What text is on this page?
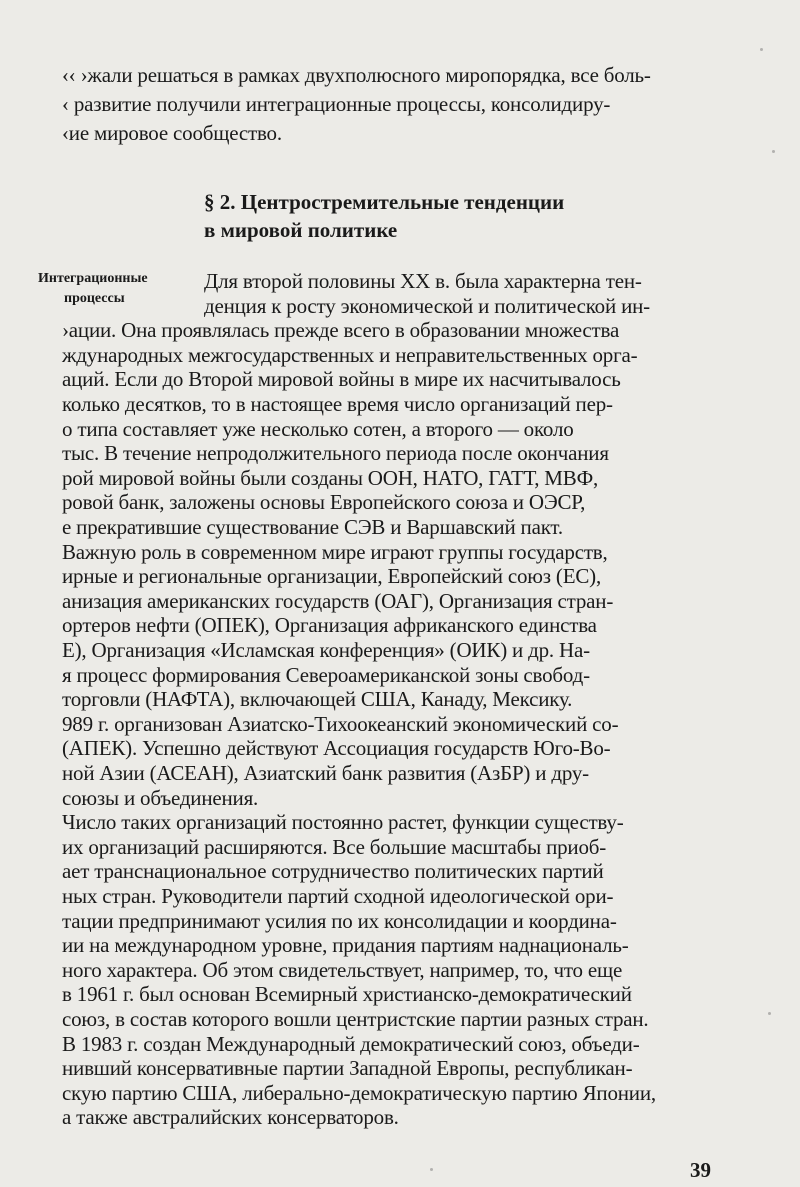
‹‹ ›жали решаться в рамках двухполюсного миропорядка, все боль-
‹ развитие получили интеграционные процессы, консолидиру-
‹ие мировое сообщество.
§ 2. Центростремительные тенденции
в мировой политике
Интеграционные
процессы
Для второй половины XX в. была характерна тен-
денция к росту экономической и политической ин-
›ации. Она проявлялась прежде всего в образовании множества
ждународных межгосударственных и неправительственных орга-
аций. Если до Второй мировой войны в мире их насчитывалось
колько десятков, то в настоящее время число организаций пер-
о типа составляет уже несколько сотен, а второго — около
тыс. В течение непродолжительного периода после окончания
рой мировой войны были созданы ООН, НАТО, ГАТТ, МВФ,
ровой банк, заложены основы Европейского союза и ОЭСР,
е прекратившие существование СЭВ и Варшавский пакт.
Важную роль в современном мире играют группы государств,
ирные и региональные организации, Европейский союз (ЕС),
анизация американских государств (ОАГ), Организация стран-
ортеров нефти (ОПЕК), Организация африканского единства
Е), Организация «Исламская конференция» (ОИК) и др. На-
я процесс формирования Североамериканской зоны свобод-
торговли (НАФТА), включающей США, Канаду, Мексику.
989 г. организован Азиатско-Тихоокеанский экономический со-
(АПЕК). Успешно действуют Ассоциация государств Юго-Во-
ной Азии (АСЕАН), Азиатский банк развития (АзБР) и дру-
союзы и объединения.
Число таких организаций постоянно растет, функции существу-
их организаций расширяются. Все большие масштабы приоб-
ает транснациональное сотрудничество политических партий
ных стран. Руководители партий сходной идеологической ори-
тации предпринимают усилия по их консолидации и координа-
ии на международном уровне, придания партиям наднациональ-
ного характера. Об этом свидетельствует, например, то, что еще
в 1961 г. был основан Всемирный христианско-демократический
союз, в состав которого вошли центристские партии разных стран.
В 1983 г. создан Международный демократический союз, объеди-
нивший консервативные партии Западной Европы, республикан-
скую партию США, либерально-демократическую партию Японии,
а также австралийских консерваторов.
39
